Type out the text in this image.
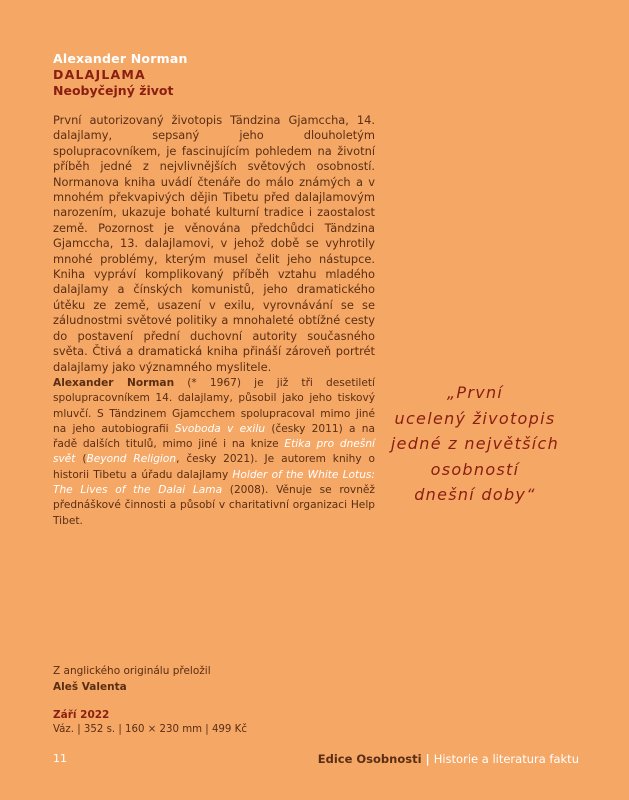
Alexander Norman
DALAJLAMA
Neobyčejný život

První autorizovaný životopis Tändzina Gjamccha, 14. dalajlamy, sepsaný jeho dlouholetým spolupracovníkem, je fascinujícím pohledem na životní příběh jedné z nejvlivnějších světových osobností. Normanova kniha uvádí čtenáře do málo známých a v mnohém překvapivých dějin Tibetu před dalajlamovým narozením, ukazuje bohaté kulturní tradice i zaostalost země. Pozornost je věnována předchůdci Tändzina Gjamccha, 13. dalajlamovi, v jehož době se vyhrotily mnohé problémy, kterým musel čelit jeho nástupce. Kniha vypráví komplikovaný příběh vztahu mladého dalajlamy a čínských komunistů, jeho dramatického útěku ze země, usazení v exilu, vyrovnávání se se záludnostmi světové politiky a mnohaleté obtížné cesty do postavení přední duchovní autority současného světa. Čtivá a dramatická kniha přináší zároveň portrét dalajlamy jako významného myslitele.

Alexander Norman (* 1967) je již tři desetiletí spolupracovníkem 14. dalajlamy, působil jako jeho tiskový mluvčí. S Tändzinem Gjamcchem spolupracoval mimo jiné na jeho autobiografii Svoboda v exilu (česky 2011) a na řadě dalších titulů, mimo jiné i na knize Etika pro dnešní svět (Beyond Religion, česky 2021). Je autorem knihy o historii Tibetu a úřadu dalajlamy Holder of the White Lotus: The Lives of the Dalai Lama (2008). Věnuje se rovněž přednáškové činnosti a působí v charitativní organizaci Help Tibet.

„První
ucelený životopis
jedné z největších
osobností
dnešní doby“
Z anglického originálu přeložil
Aleš Valenta
Září 2022
Váz. | 352 s. | 160 × 230 mm | 499 Kč
11	Edice Osobnosti | Historie a literatura faktu
